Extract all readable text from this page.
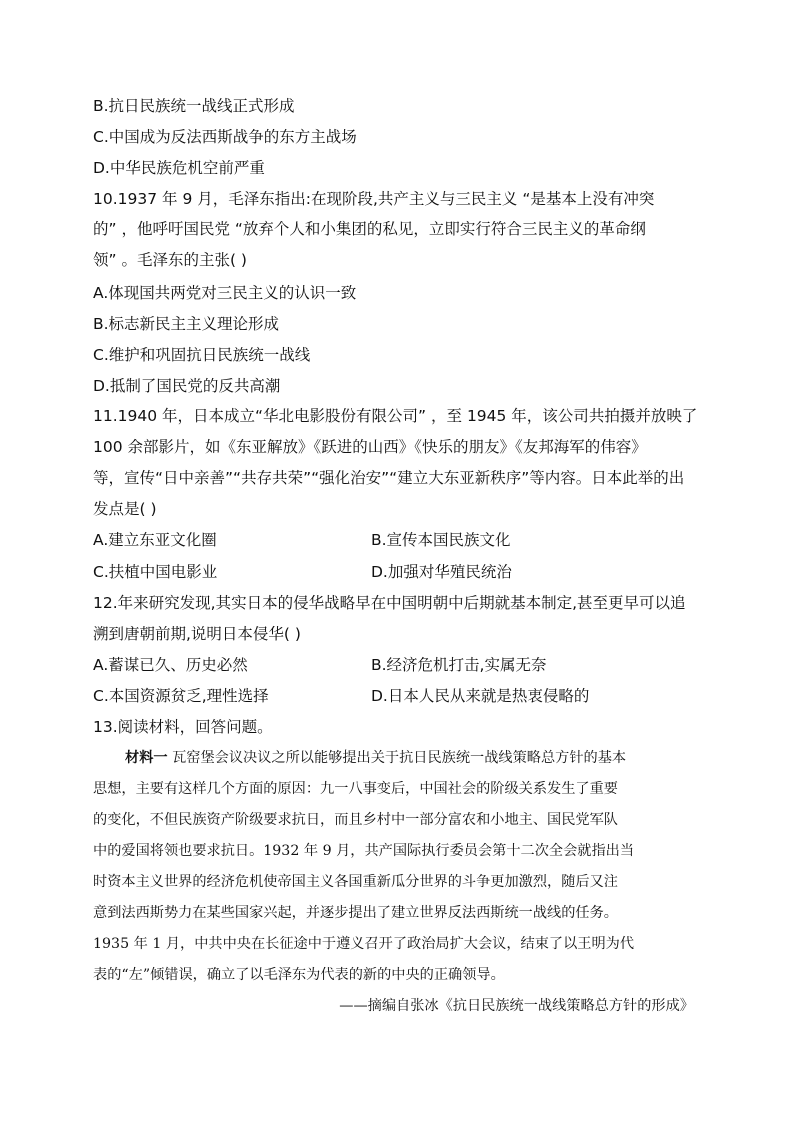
B.抗日民族统一战线正式形成
C.中国成为反法西斯战争的东方主战场
D.中华民族危机空前严重
10.1937 年 9 月，毛泽东指出:在现阶段,共产主义与三民主义 “是基本上没有冲突
的” ，他呼吁国民党 “放弃个人和小集团的私见，立即实行符合三民主义的革命纲
领” 。毛泽东的主张( )
A.体现国共两党对三民主义的认识一致
B.标志新民主主义理论形成
C.维护和巩固抗日民族统一战线
D.抵制了国民党的反共高潮
11.1940 年，日本成立“华北电影股份有限公司” ，至 1945 年，该公司共拍摄并放映了
100 余部影片，如《东亚解放》《跃进的山西》《快乐的朋友》《友邦海军的伟容》
等，宣传“日中亲善”“共存共荣”“强化治安”“建立大东亚新秩序”等内容。日本此举的出
发点是( )
A.建立东亚文化圈	B.宣传本国民族文化
C.扶植中国电影业	D.加强对华殖民统治
12.年来研究发现,其实日本的侵华战略早在中国明朝中后期就基本制定,甚至更早可以追
溯到唐朝前期,说明日本侵华( )
A.蓄谋已久、历史必然	B.经济危机打击,实属无奈
C.本国资源贫乏,理性选择	D.日本人民从来就是热衷侵略的
13.阅读材料，回答问题。
材料一 瓦窑堡会议决议之所以能够提出关于抗日民族统一战线策略总方针的基本
思想，主要有这样几个方面的原因：九一八事变后，中国社会的阶级关系发生了重要
的变化，不但民族资产阶级要求抗日，而且乡村中一部分富农和小地主、国民党军队
中的爱国将领也要求抗日。1932 年 9 月，共产国际执行委员会第十二次全会就指出当
时资本主义世界的经济危机使帝国主义各国重新瓜分世界的斗争更加激烈，随后又注
意到法西斯势力在某些国家兴起，并逐步提出了建立世界反法西斯统一战线的任务。
1935 年 1 月，中共中央在长征途中于遵义召开了政治局扩大会议，结束了以王明为代
表的“左”倾错误，确立了以毛泽东为代表的新的中央的正确领导。
——摘编自张冰《抗日民族统一战线策略总方针的形成》
